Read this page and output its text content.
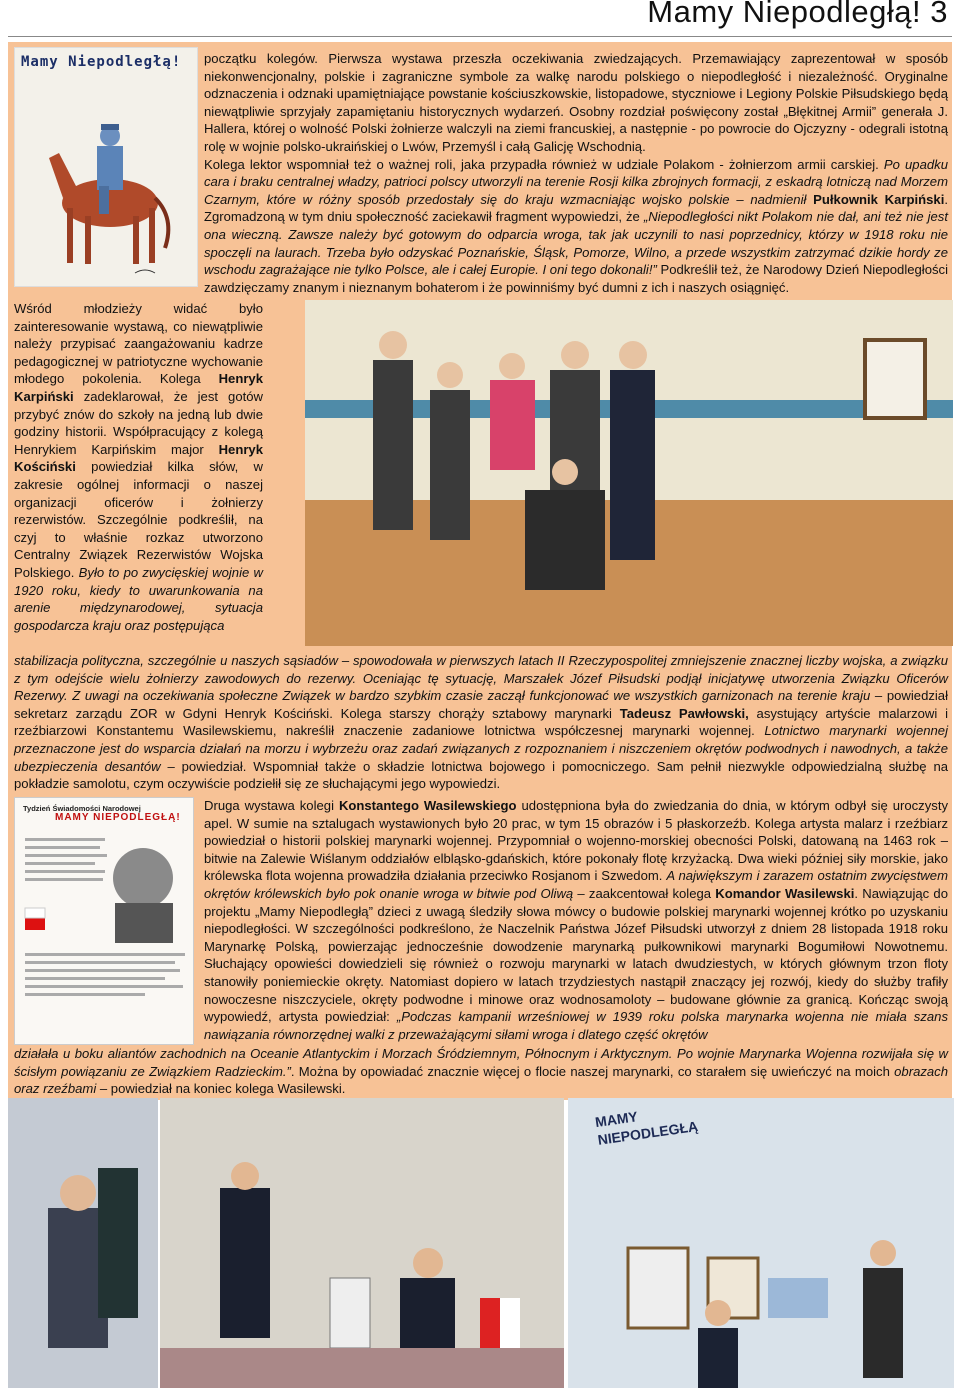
Mamy Niepodległą! 3
Mamy Niepodległą! początku kolegów. Pierwsza wystawa przeszła oczekiwania zwiedzających. Przemawiający zaprezentował w sposób niekonwencjonalny, polskie i zagraniczne symbole za walkę narodu polskiego o niepodległość i niezależność. Oryginalne odznaczenia i odznaki upamiętniające powstanie kościuszkowskie, listopadowe, styczniowe i Legiony Polskie Piłsudskiego będą niewątpliwie sprzyjały zapamiętaniu historycznych wydarzeń. Osobny rozdział poświęcony został „Błękitnej Armii” generała J. Hallera, której o wolność Polski żołnierze walczyli na ziemi francuskiej, a następnie - po powrocie do Ojczyzny - odegrali istotną rolę w wojnie polsko-ukraińskiej o Lwów, Przemyśl i całą Galicję Wschodnią.

Kolega lektor wspomniał też o ważnej roli, jaka przypadła również w udziale Polakom - żołnierzom armii carskiej. Po upadku cara i braku centralnej władzy, patrioci polscy utworzyli na terenie Rosji kilka zbrojnych formacji, z eskadrą lotniczą nad Morzem Czarnym, które w różny sposób przedostały się do kraju wzmacniając wojsko polskie – nadmienił Pułkownik Karpiński. Zgromadzoną w tym dniu społeczność zaciekawił fragment wypowiedzi, że „Niepodległości nikt Polakom nie dał, ani też nie jest ona wieczną. Zawsze należy być gotowym do odparcia wroga, tak jak uczynili to nasi poprzednicy, którzy w 1918 roku nie spoczęli na laurach. Trzeba było odzyskać Poznańskie, Śląsk, Pomorze, Wilno, a przede wszystkim zatrzymać dzikie hordy ze wschodu zagrażające nie tylko Polsce, ale i całej Europie. I oni tego dokonali!” Podkreślił też, że Narodowy Dzień Niepodległości zawdzięczamy znanym i nieznanym bohaterom i że powinniśmy być dumni z ich i naszych osiągnięć.

Wśród młodzieży widać było zainteresowanie wystawą, co niewątpliwie należy przypisać zaangażowaniu kadrze pedagogicznej w patriotyczne wychowanie młodego pokolenia. Kolega Henryk Karpiński zadeklarował, że jest gotów przybyć znów do szkoły na jedną lub dwie godziny historii. Współpracujący z kolegą Henrykiem Karpińskim major Henryk Kościński powiedział kilka słów, w zakresie ogólnej informacji o naszej organizacji oficerów i żołnierzy rezerwistów. Szczególnie podkreślił, na czyj to właśnie rozkaz utworzono Centralny Związek Rezerwistów Wojska Polskiego. Było to po zwycięskiej wojnie w 1920 roku, kiedy to uwarunkowania na arenie międzynarodowej, sytuacja gospodarcza kraju oraz postępująca

stabilizacja polityczna, szczególnie u naszych sąsiadów – spowodowała w pierwszych latach II Rzeczypospolitej zmniejszenie znacznej liczby wojska, a związku z tym odejście wielu żołnierzy zawodowych do rezerwy. Oceniając tę sytuację, Marszałek Józef Piłsudski podjął inicjatywę utworzenia Związku Oficerów Rezerwy. Z uwagi na oczekiwania społeczne Związek w bardzo szybkim czasie zaczął funkcjonować we wszystkich garnizonach na terenie kraju – powiedział sekretarz zarządu ZOR w Gdyni Henryk Kościński. Kolega starszy chorąży sztabowy marynarki Tadeusz Pawłowski, asystujący artyście malarzowi i rzeźbiarzowi Konstantemu Wasilewskiemu, nakreślił znaczenie zadaniowe lotnictwa współczesnej marynarki wojennej. Lotnictwo marynarki wojennej przeznaczone jest do wsparcia działań na morzu i wybrzeżu oraz zadań związanych z rozpoznaniem i niszczeniem okrętów podwodnych i nawodnych, a także ubezpieczenia desantów – powiedział. Wspomniał także o składzie lotnictwa bojowego i pomocniczego. Sam pełnił niezwykle odpowiedzialną służbę na pokładzie samolotu, czym oczywiście podziełił się ze słuchającymi jego wypowiedzi.

Tydzień Świadomości Narodowej
MAMY NIEPODLEGŁĄ!

Druga wystawa kolegi Konstantego Wasilewskiego udostępniona była do zwiedzania do dnia, w którym odbył się uroczysty apel. W sumie na sztalugach wystawionych było 20 prac, w tym 15 obrazów i 5 płaskorzeźb. Kolega artysta malarz i rzeźbiarz powiedział o historii polskiej marynarki wojennej. Przypomniał o wojenno-morskiej obecności Polski, datowaną na 1463 rok – bitwie na Zalewie Wiślanym oddziałów elbląsko-gdańskich, które pokonały flotę krzyżacką. Dwa wieki później siły morskie, jako królewska flota wojenna prowadziła działania przeciwko Rosjanom i Szwedom. A największym i zarazem ostatnim zwycięstwem okrętów królewskich było pok onanie wroga w bitwie pod Oliwą – zaakcentował kolega Komandor Wasilewski. Nawiązując do projektu „Mamy Niepodległą” dzieci z uwagą śledziły słowa mówcy o budowie polskiej marynarki wojennej krótko po uzyskaniu niepodległości. W szczególności podkreślono, że Naczelnik Państwa Józef Piłsudski utworzył z dniem 28 listopada 1918 roku Marynarkę Polską, powierzając jednocześnie dowodzenie marynarką pułkownikowi marynarki Bogumiłowi Nowotnemu. Słuchający opowieści dowiedzieli się również o rozwoju marynarki w latach dwudziestych, w których głównym trzon floty stanowiły poniemieckie okręty. Natomiast dopiero w latach trzydziestych nastąpił znaczący jej rozwój, kiedy do służby trafiły nowoczesne niszczyciele, okręty podwodne i minowe oraz wodnosamoloty – budowane głównie za granicą. Kończąc swoją wypowiedź, artysta powiedział: „Podczas kampanii wrześniowej w 1939 roku polska marynarka wojenna nie miała szans nawiązania równorzędnej walki z przeważającymi siłami wroga i dlatego część okrętów

działała u boku aliantów zachodnich na Oceanie Atlantyckim i Morzach Śródziemnym, Północnym i Arktycznym. Po wojnie Marynarka Wojenna rozwijała się w ścisłym powiązaniu ze Związkiem Radzieckim.”. Można by opowiadać znacznie więcej o flocie naszej marynarki, co starałem się uwieńczyć na moich obrazach oraz rzeźbami – powiedział na koniec kolega Wasilewski.

MAMY
NIEPODLEGŁĄ
